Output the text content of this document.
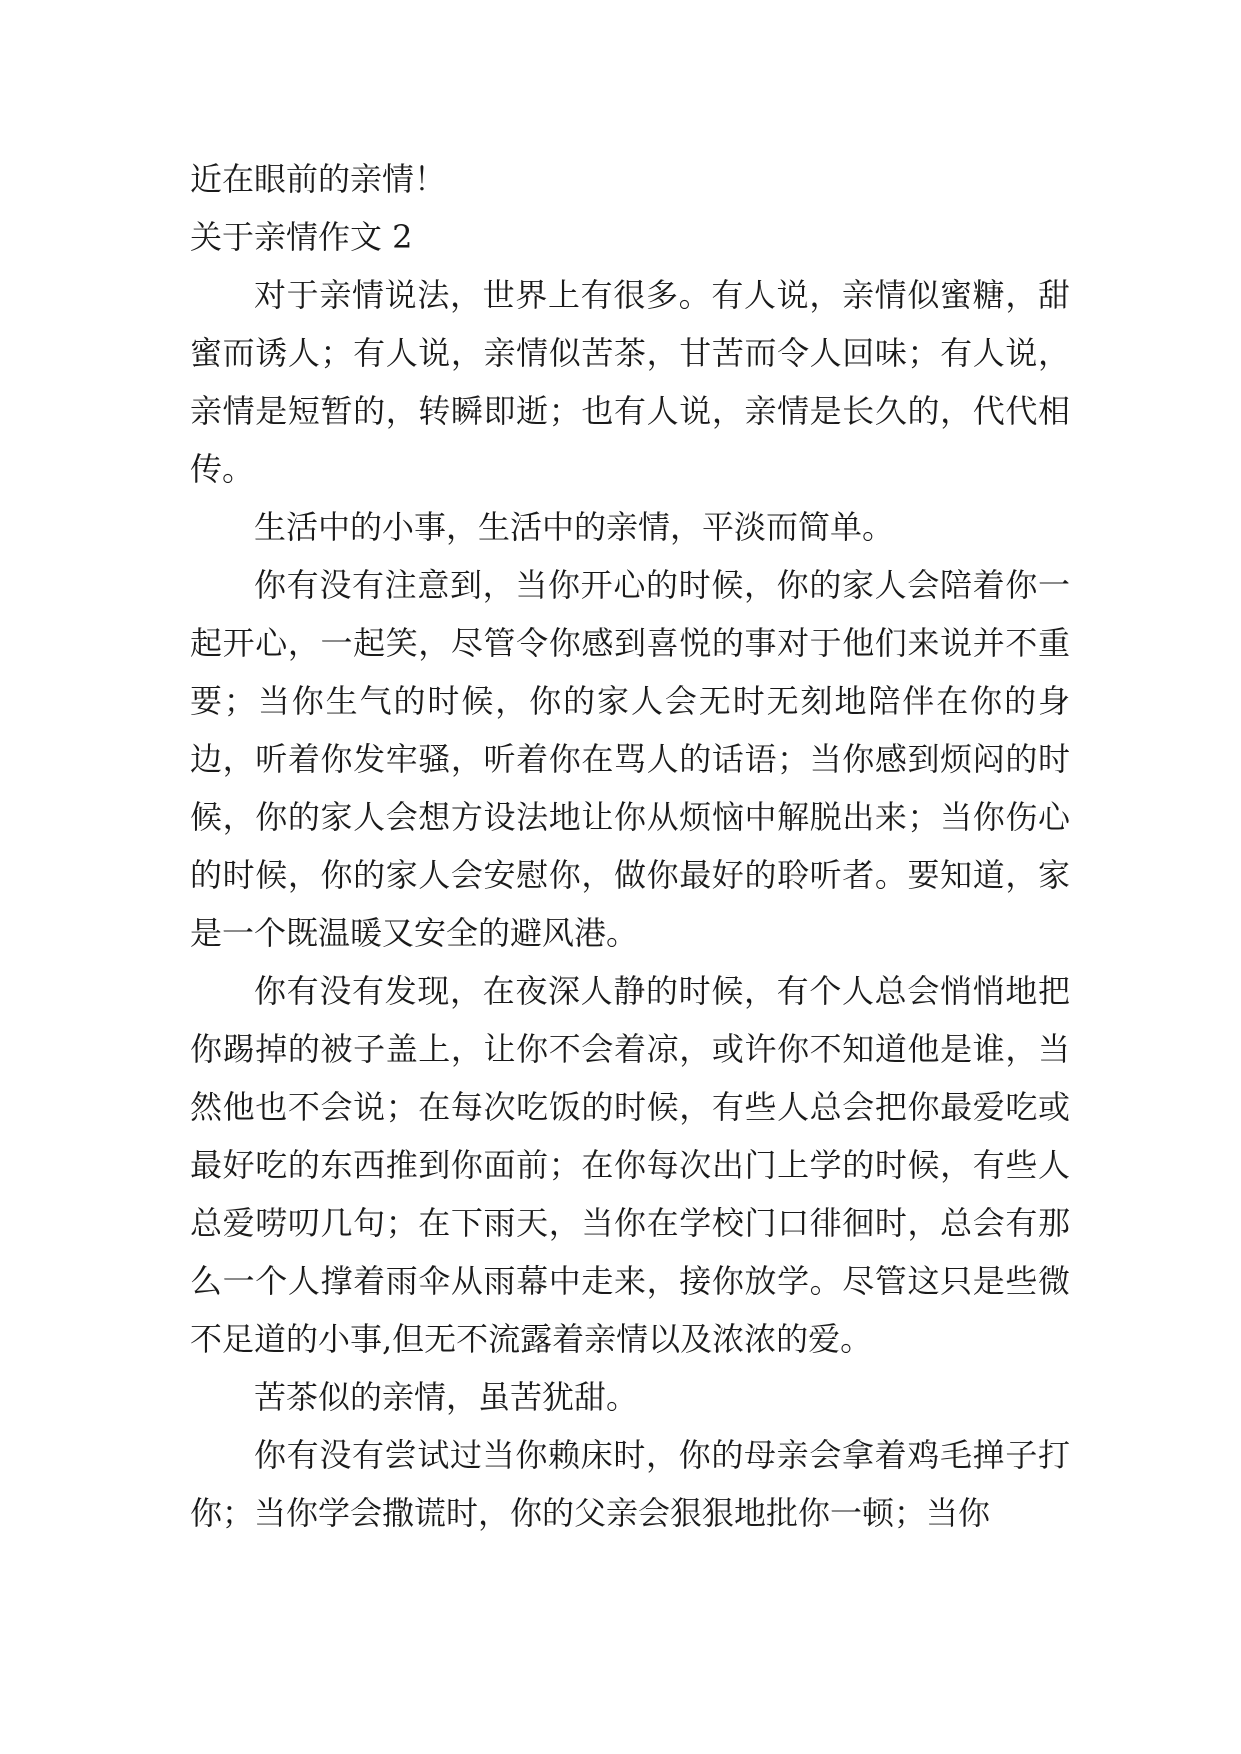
近在眼前的亲情！

关于亲情作文 2

对于亲情说法，世界上有很多。有人说，亲情似蜜糖，甜蜜而诱人；有人说，亲情似苦茶，甘苦而令人回味；有人说，亲情是短暂的，转瞬即逝；也有人说，亲情是长久的，代代相传。

生活中的小事，生活中的亲情，平淡而简单。

你有没有注意到，当你开心的时候，你的家人会陪着你一起开心，一起笑，尽管令你感到喜悦的事对于他们来说并不重要；当你生气的时候，你的家人会无时无刻地陪伴在你的身边，听着你发牢骚，听着你在骂人的话语；当你感到烦闷的时候，你的家人会想方设法地让你从烦恼中解脱出来；当你伤心的时候，你的家人会安慰你，做你最好的聆听者。要知道，家是一个既温暖又安全的避风港。

你有没有发现，在夜深人静的时候，有个人总会悄悄地把你踢掉的被子盖上，让你不会着凉，或许你不知道他是谁，当然他也不会说；在每次吃饭的时候，有些人总会把你最爱吃或最好吃的东西推到你面前；在你每次出门上学的时候，有些人总爱唠叨几句；在下雨天，当你在学校门口徘徊时，总会有那么一个人撑着雨伞从雨幕中走来，接你放学。尽管这只是些微不足道的小事,但无不流露着亲情以及浓浓的爱。

苦茶似的亲情，虽苦犹甜。

你有没有尝试过当你赖床时，你的母亲会拿着鸡毛掸子打你；当你学会撒谎时，你的父亲会狠狠地批你一顿；当你
